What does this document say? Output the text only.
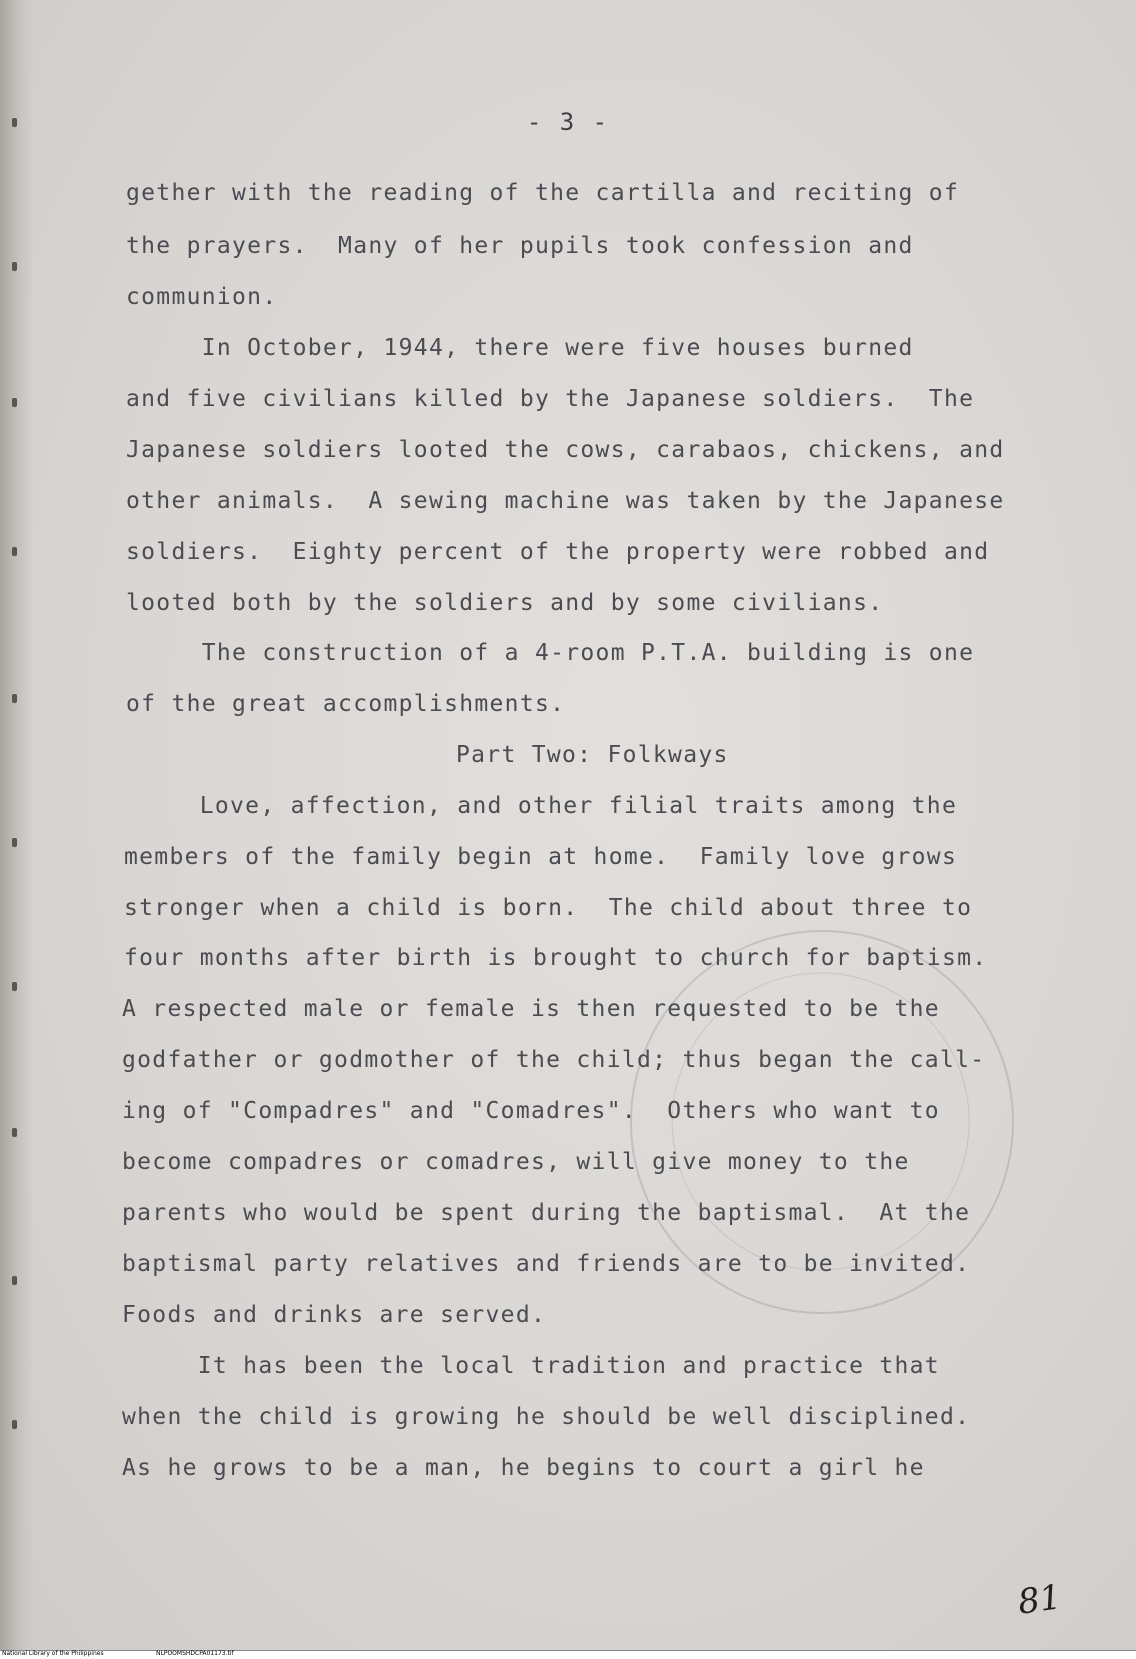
- 3 -
gether with the reading of the cartilla and reciting of
the prayers.  Many of her pupils took confession and
communion.
In October, 1944, there were five houses burned
and five civilians killed by the Japanese soldiers.  The
Japanese soldiers looted the cows, carabaos, chickens, and
other animals.  A sewing machine was taken by the Japanese
soldiers.  Eighty percent of the property were robbed and
looted both by the soldiers and by some civilians.
The construction of a 4-room P.T.A. building is one
of the great accomplishments.
Part Two: Folkways
Love, affection, and other filial traits among the
members of the family begin at home.  Family love grows
stronger when a child is born.  The child about three to
four months after birth is brought to church for baptism.
A respected male or female is then requested to be the
godfather or godmother of the child; thus began the call-
ing of "Compadres" and "Comadres".  Others who want to
become compadres or comadres, will give money to the
parents who would be spent during the baptismal.  At the
baptismal party relatives and friends are to be invited.
Foods and drinks are served.
It has been the local tradition and practice that
when the child is growing he should be well disciplined.
As he grows to be a man, he begins to court a girl he
81
National Library of the Philippines	NLPOOMSHDCPA01173.tif
